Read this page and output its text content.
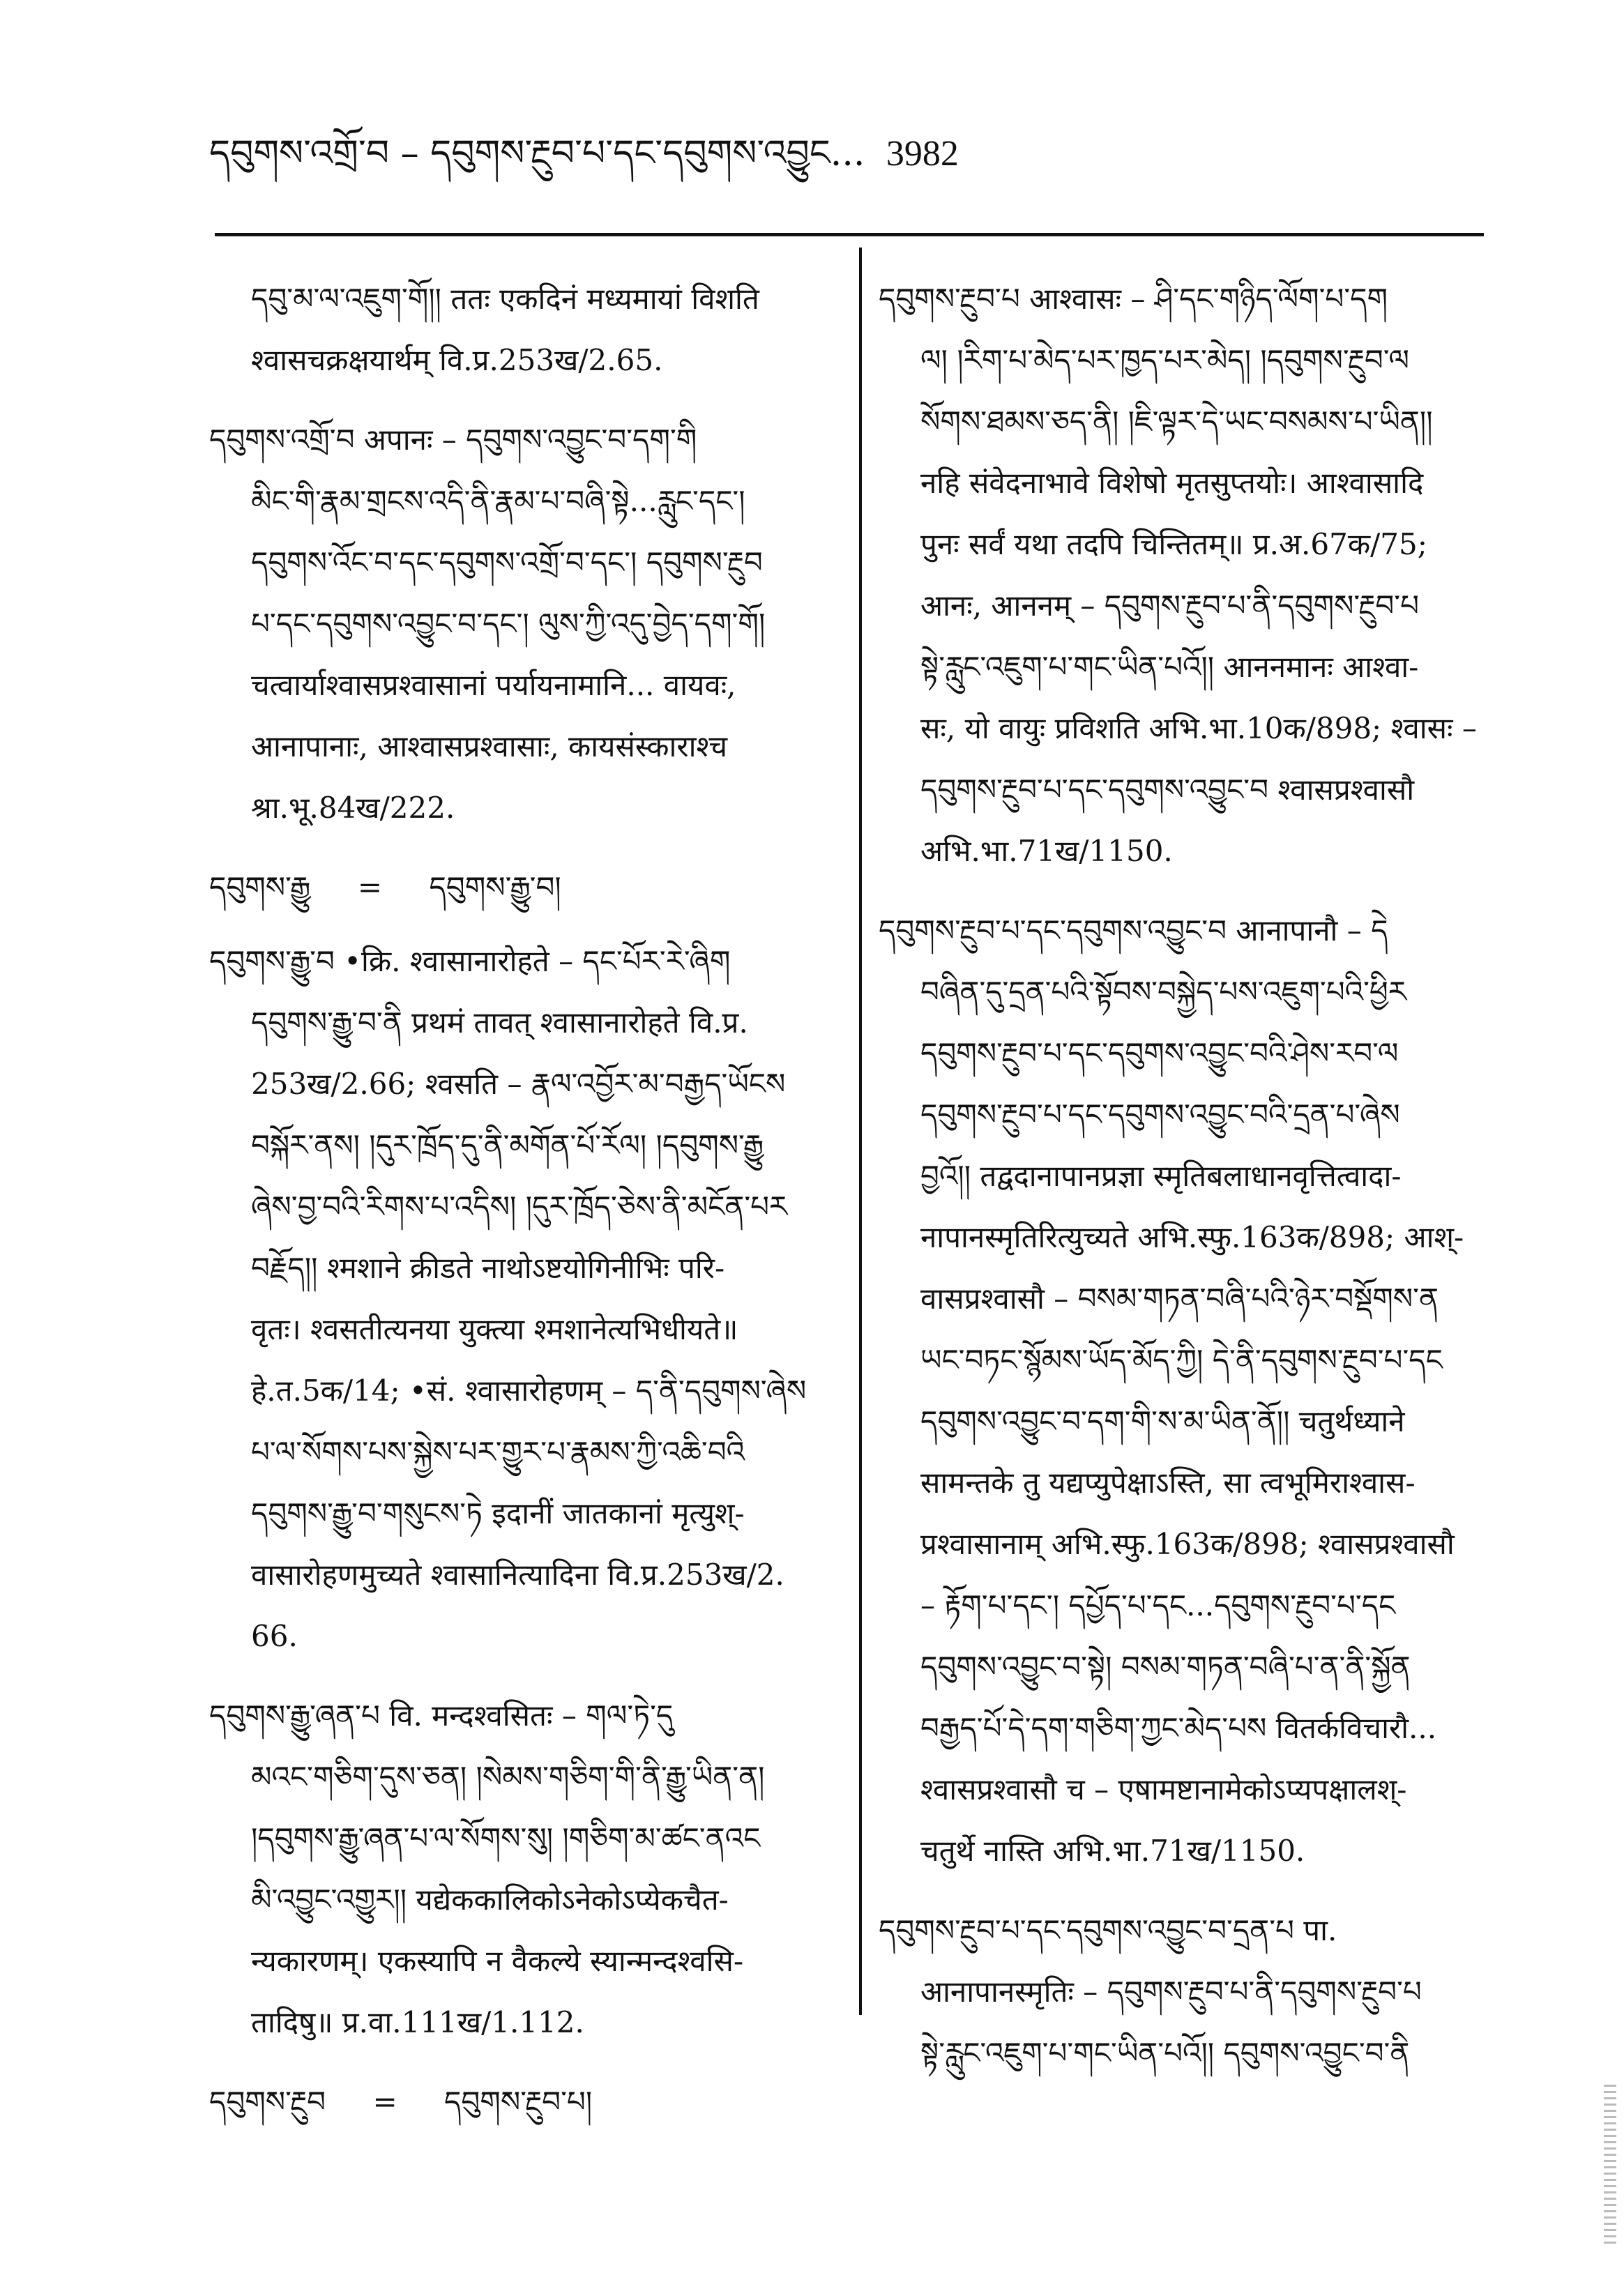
དབུགས་འགྲོ་བ – དབུགས་རྔུབ་པ་དང་དབུགས་འབྱུང... 3982
དབུ་མ་ལ་འཇུག་གོ།། ततः एकदिनं मध्यमायां विशति
श्वासचक्रक्षयार्थम् वि.प्र.253ख/2.65.
དབུགས་འགྲོ་བ अपानः – དབུགས་འབྱུང་བ་དག་གི
མིང་གི་རྣམ་གྲངས་འདི་ནི་རྣམ་པ་བཞི་སྟེ...རླུང་དང་།
དབུགས་འོང་བ་དང་དབུགས་འགྲོ་བ་དང་། དབུགས་རྔུབ
པ་དང་དབུགས་འབྱུང་བ་དང་། ལུས་ཀྱི་འདུ་བྱེད་དག་གོ།
चत्वार्याश्वासप्रश्वासानां पर्यायनामानि... वायवः,
आनापानाः, आश्वासप्रश्वासाः, कायसंस्काराश्च
श्रा.भू.84ख/222.
དབུགས་རྒྱུ = དབུགས་རྒྱུ་བ།
དབུགས་རྒྱུ་བ •क्रि. श्वासानारोहते – དང་པོར་རེ་ཞིག
དབུགས་རྒྱུ་བ་ནི प्रथमं तावत् श्वासानारोहते वि.प्र.
253ख/2.66; श्वसति – རྣལ་འབྱོར་མ་བརྒྱད་ཡོངས
བསྐོར་ནས། །དུར་ཁྲོད་དུ་ནི་མགོན་པོ་རོལ། །དབུགས་རྒྱུ
ཞེས་བྱ་བའི་རིགས་པ་འདིས། །དུར་ཁྲོད་ཅེས་ནི་མངོན་པར
བརྗོད།། श्मशाने क्रीडते नाथोऽष्टयोगिनीभिः परि-
वृतः। श्वसतीत्यनया युक्त्या श्मशानेत्यभिधीयते॥
हे.त.5क/14; •सं. श्वासारोहणम् – ད་ནི་དབུགས་ཞེས
པ་ལ་སོགས་པས་སྐྱེས་པར་གྱུར་པ་རྣམས་ཀྱི་འཆི་བའི
དབུགས་རྒྱུ་བ་གསུངས་ཏེ इदानीं जातकानां मृत्युश्-
वासारोहणमुच्यते श्वासानित्यादिना वि.प्र.253ख/2.
66.
དབུགས་རྒྱུ་ཞན་པ वि. मन्दश्वसितः – གལ་ཏེ་དུ
མའང་གཅིག་དུས་ཅན། །སེམས་གཅིག་གི་ནི་རྒྱུ་ཡིན་ན།
།དབུགས་རྒྱུ་ཞན་པ་ལ་སོགས་སུ། །གཅིག་མ་ཚང་ནའང
མི་འབྱུང་འགྱུར།། यद्येककालिकोऽनेकोऽप्येकचैत-
न्यकारणम्। एकस्यापि न वैकल्ये स्यान्मन्दश्वसि-
तादिषु॥ प्र.वा.111ख/1.112.
དབུགས་རྔུབ = དབུགས་རྔུབ་པ།
དབུགས་རྔུབ་པ आश्वासः – ཤི་དང་གཉིད་ལོག་པ་དག
ལ། །རིག་པ་མེད་པར་ཁྱད་པར་མེད། །དབུགས་རྔུབ་ལ
སོགས་ཐམས་ཅད་ནི། །ཇི་ལྟར་དེ་ཡང་བསམས་པ་ཡིན།།
नहि संवेदनाभावे विशेषो मृतसुप्तयोः। आश्वासादि
पुनः सर्वं यथा तदपि चिन्तितम्॥ प्र.अ.67क/75;
आनः, आननम् – དབུགས་རྔུབ་པ་ནི་དབུགས་རྔུབ་པ
སྟེ་རླུང་འཇུག་པ་གང་ཡིན་པའོ།། आननमानः आश्वा-
सः, यो वायुः प्रविशति अभि.भा.10क/898; श्वासः –
དབུགས་རྔུབ་པ་དང་དབུགས་འབྱུང་བ श्वासप्रश्वासौ
अभि.भा.71ख/1150.
དབུགས་རྔུབ་པ་དང་དབུགས་འབྱུང་བ आनापानौ – དེ
བཞིན་དུ་དྲན་པའི་སྟོབས་བསྐྱེད་པས་འཇུག་པའི་ཕྱིར
དབུགས་རྔུབ་པ་དང་དབུགས་འབྱུང་བའི་ཤེས་རབ་ལ
དབུགས་རྔུབ་པ་དང་དབུགས་འབྱུང་བའི་དྲན་པ་ཞེས
བྱའོ།། तद्वदानापानप्रज्ञा स्मृतिबलाधानवृत्तित्वादा-
नापानस्मृतिरित्युच्यते अभि.स्फु.163क/898; आश्-
वासप्रश्वासौ – བསམ་གཏན་བཞི་པའི་ཉེར་བསྡོགས་ན
ཡང་བཏང་སྙོམས་ཡོད་མོད་ཀྱི། དེ་ནི་དབུགས་རྔུབ་པ་དང
དབུགས་འབྱུང་བ་དག་གི་ས་མ་ཡིན་ནོ།། चतुर्थध्याने
सामन्तके तु यद्यप्युपेक्षाऽस्ति, सा त्वभूमिराश्वास-
प्रश्वासानाम् अभि.स्फु.163क/898; श्वासप्रश्वासौ
– རྟོག་པ་དང་། དཔྱོད་པ་དང...དབུགས་རྔུབ་པ་དང
དབུགས་འབྱུང་བ་སྟེ། བསམ་གཏན་བཞི་པ་ན་ནི་སྐྱོན
བརྒྱད་པོ་དེ་དག་གཅིག་ཀྱང་མེད་པས वितर्कविचारौ...
श्वासप्रश्वासौ च – एषामष्टानामेकोऽप्यपक्षालश्-
चतुर्थे नास्ति अभि.भा.71ख/1150.
དབུགས་རྔུབ་པ་དང་དབུགས་འབྱུང་བ་དྲན་པ पा.
आनापानस्मृतिः – དབུགས་རྔུབ་པ་ནི་དབུགས་རྔུབ་པ
སྟེ་རླུང་འཇུག་པ་གང་ཡིན་པའོ།། དབུགས་འབྱུང་བ་ནི
